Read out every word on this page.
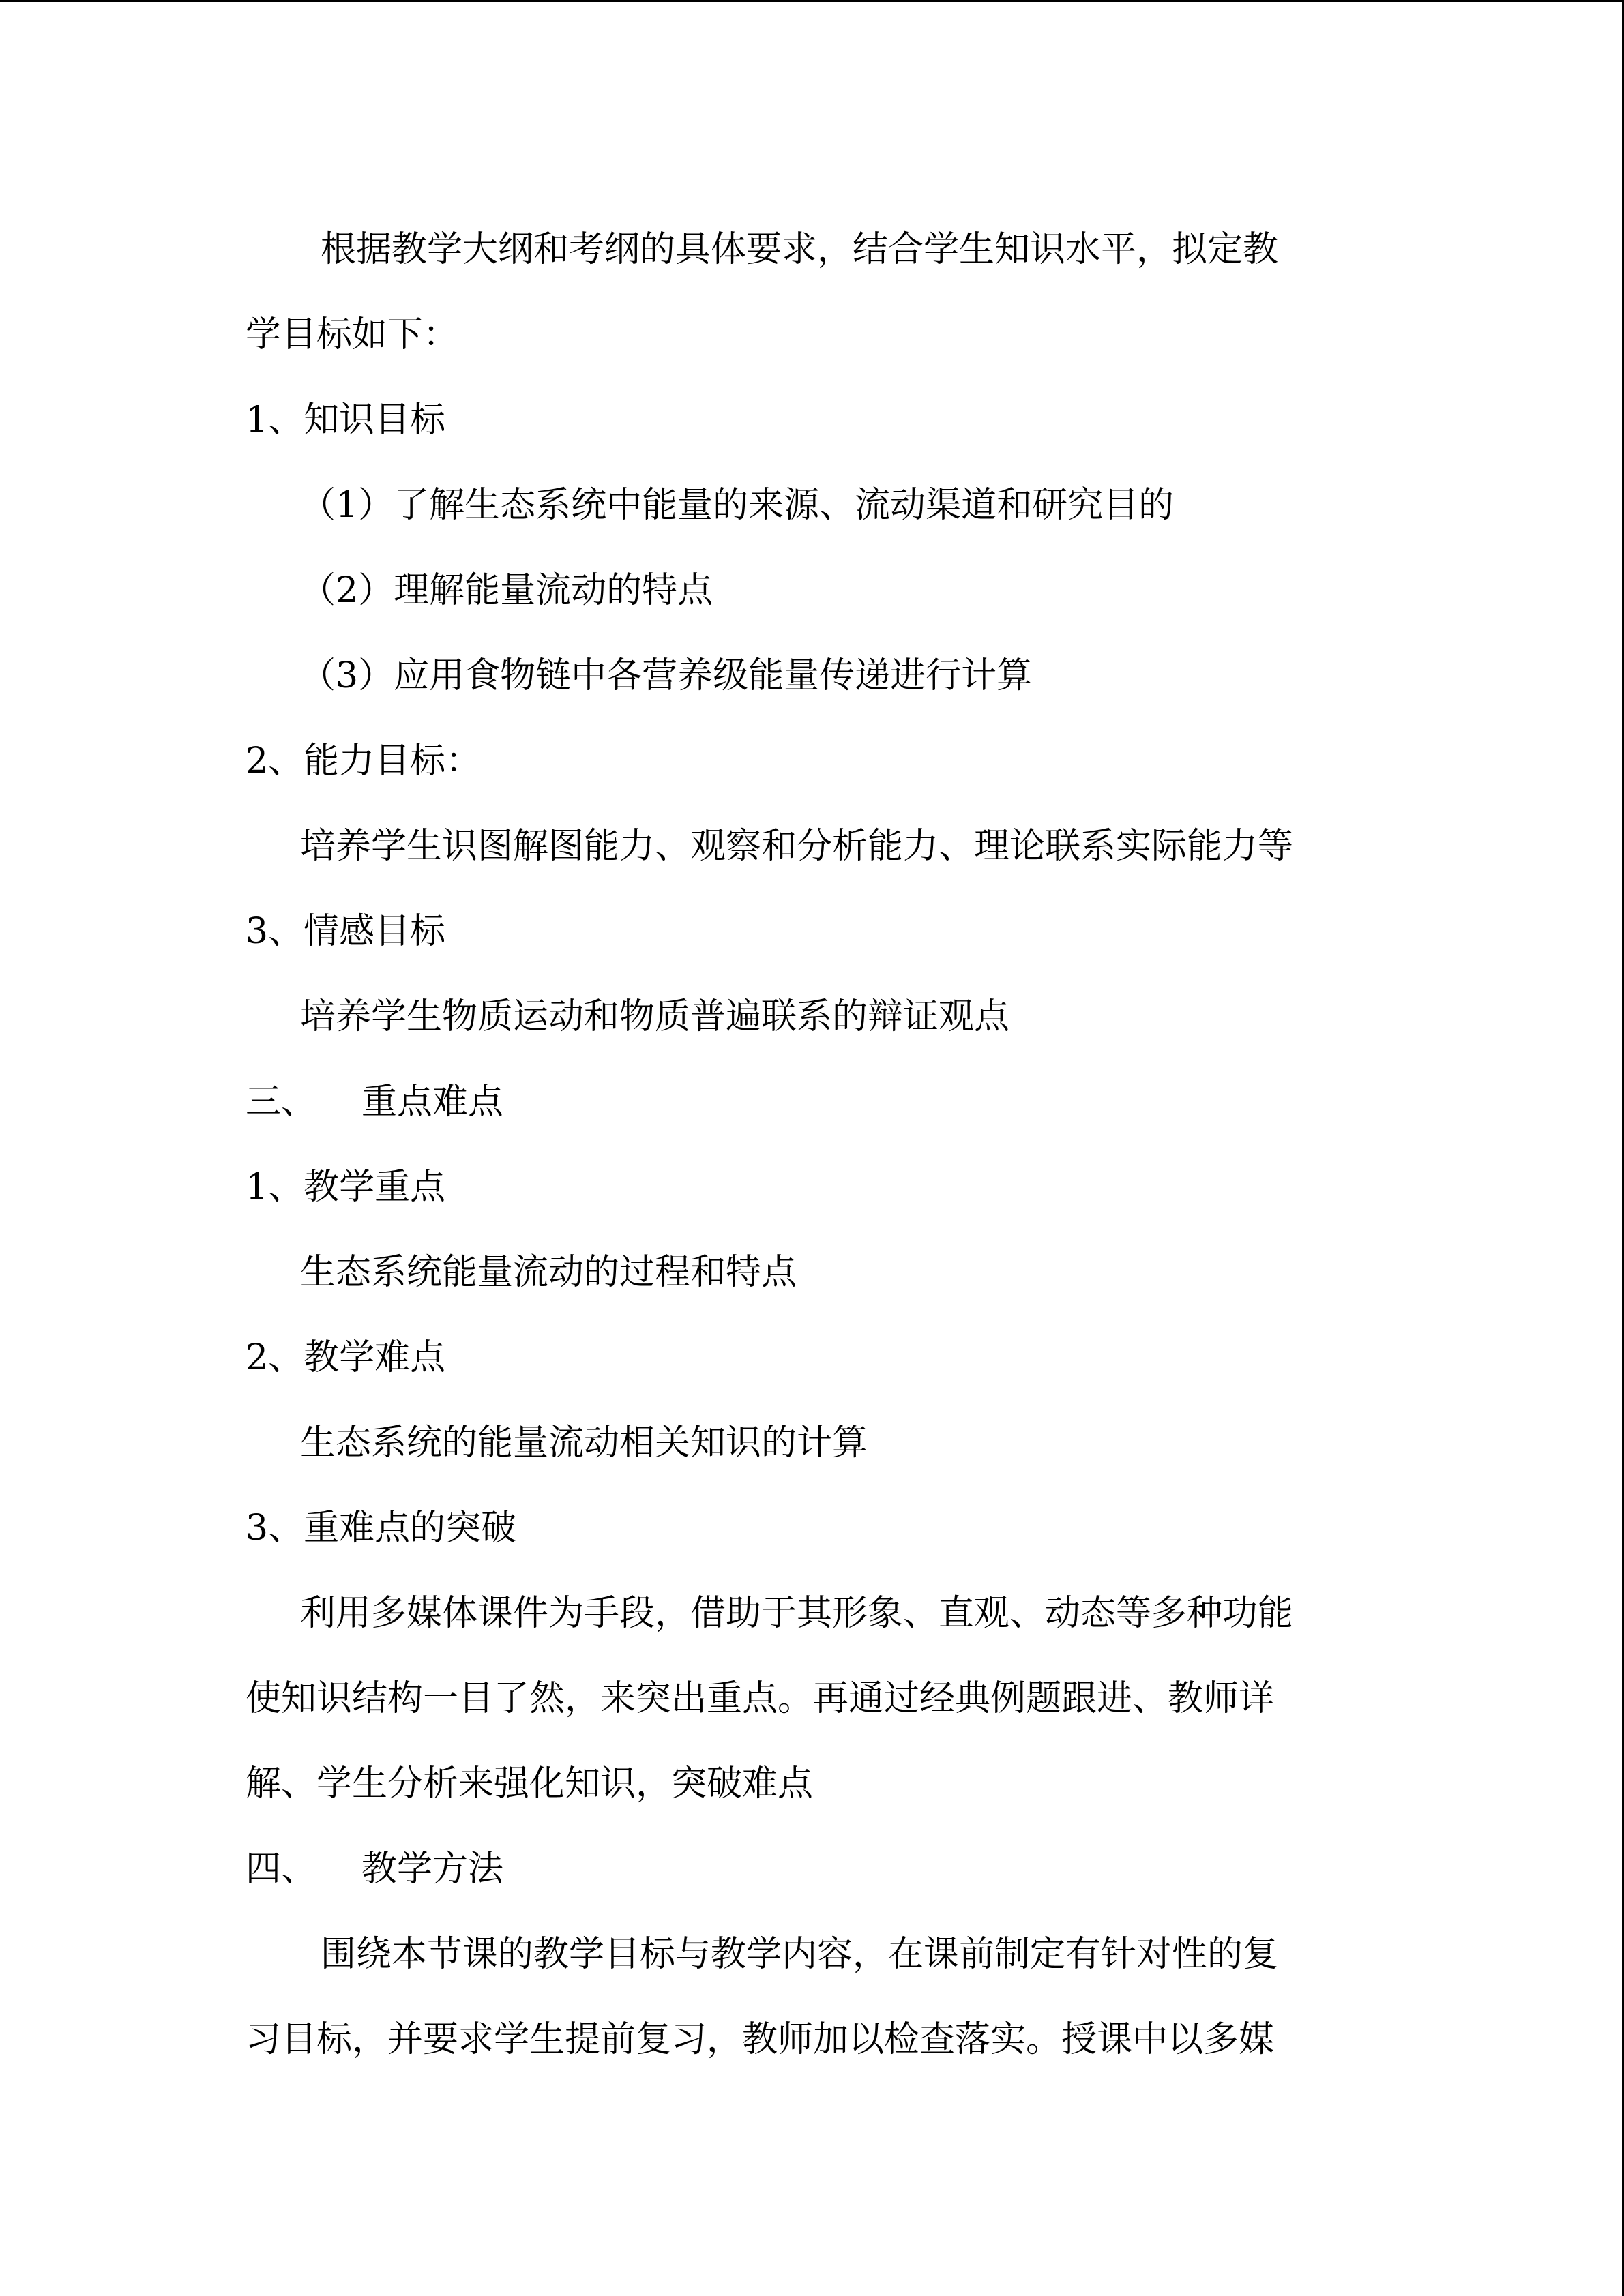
根据教学大纲和考纲的具体要求，结合学生知识水平，拟定教
学目标如下：
1、知识目标
（1）了解生态系统中能量的来源、流动渠道和研究目的
（2）理解能量流动的特点
（3）应用食物链中各营养级能量传递进行计算
2、能力目标：
培养学生识图解图能力、观察和分析能力、理论联系实际能力等
3、情感目标
培养学生物质运动和物质普遍联系的辩证观点
三、 重点难点
1、教学重点
生态系统能量流动的过程和特点
2、教学难点
生态系统的能量流动相关知识的计算
3、重难点的突破
利用多媒体课件为手段，借助于其形象、直观、动态等多种功能
使知识结构一目了然，来突出重点。再通过经典例题跟进、教师详
解、学生分析来强化知识，突破难点
四、 教学方法
围绕本节课的教学目标与教学内容，在课前制定有针对性的复
习目标，并要求学生提前复习，教师加以检查落实。授课中以多媒
